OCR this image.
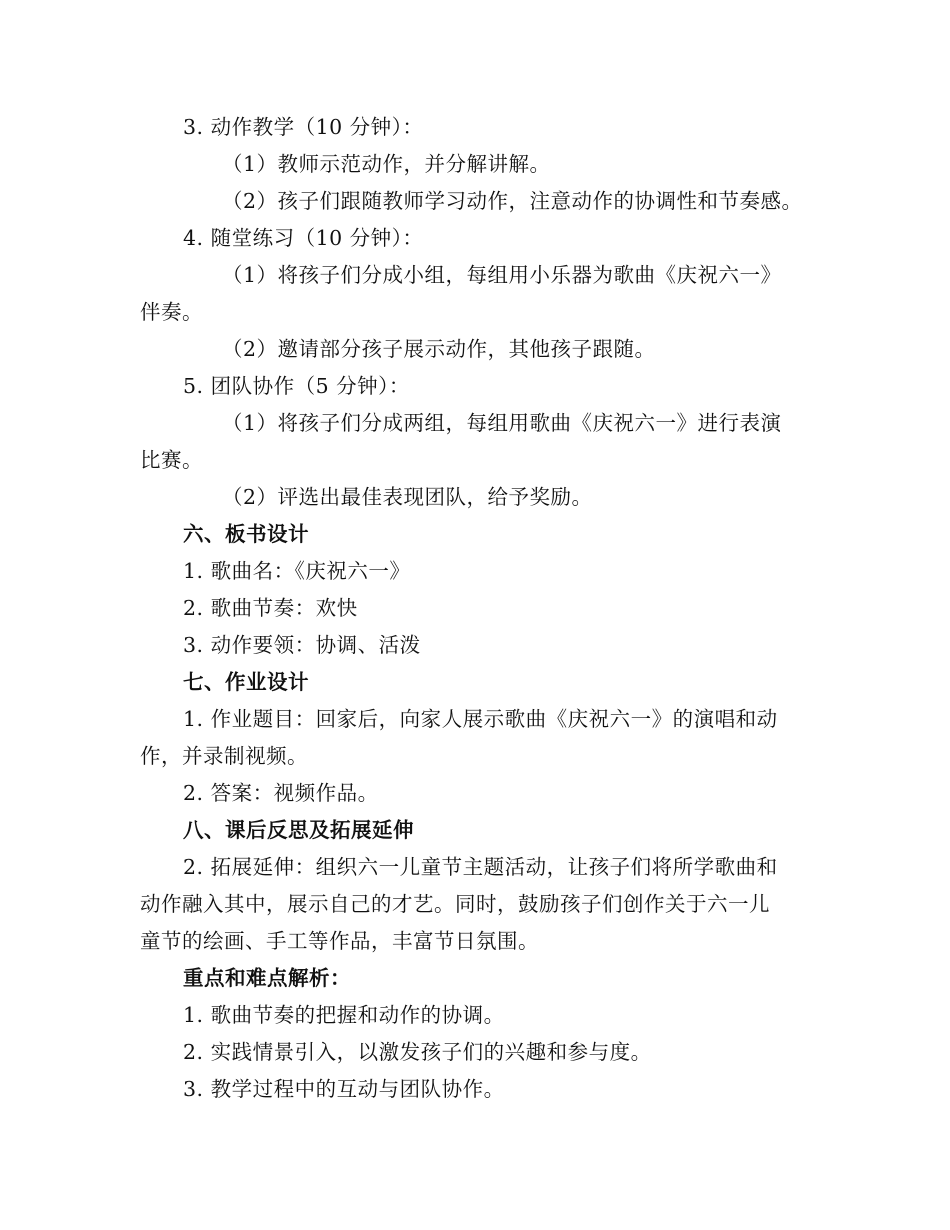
3. 动作教学（10 分钟）：
（1）教师示范动作，并分解讲解。
（2）孩子们跟随教师学习动作，注意动作的协调性和节奏感。
4. 随堂练习（10 分钟）：
（1）将孩子们分成小组，每组用小乐器为歌曲《庆祝六一》
伴奏。
（2）邀请部分孩子展示动作，其他孩子跟随。
5. 团队协作（5 分钟）：
（1）将孩子们分成两组，每组用歌曲《庆祝六一》进行表演
比赛。
（2）评选出最佳表现团队，给予奖励。
六、板书设计
1. 歌曲名：《庆祝六一》
2. 歌曲节奏：欢快
3. 动作要领：协调、活泼
七、作业设计
1. 作业题目：回家后，向家人展示歌曲《庆祝六一》的演唱和动
作，并录制视频。
2. 答案：视频作品。
八、课后反思及拓展延伸
2. 拓展延伸：组织六一儿童节主题活动，让孩子们将所学歌曲和
动作融入其中，展示自己的才艺。同时，鼓励孩子们创作关于六一儿
童节的绘画、手工等作品，丰富节日氛围。
重点和难点解析：
1. 歌曲节奏的把握和动作的协调。
2. 实践情景引入，以激发孩子们的兴趣和参与度。
3. 教学过程中的互动与团队协作。
